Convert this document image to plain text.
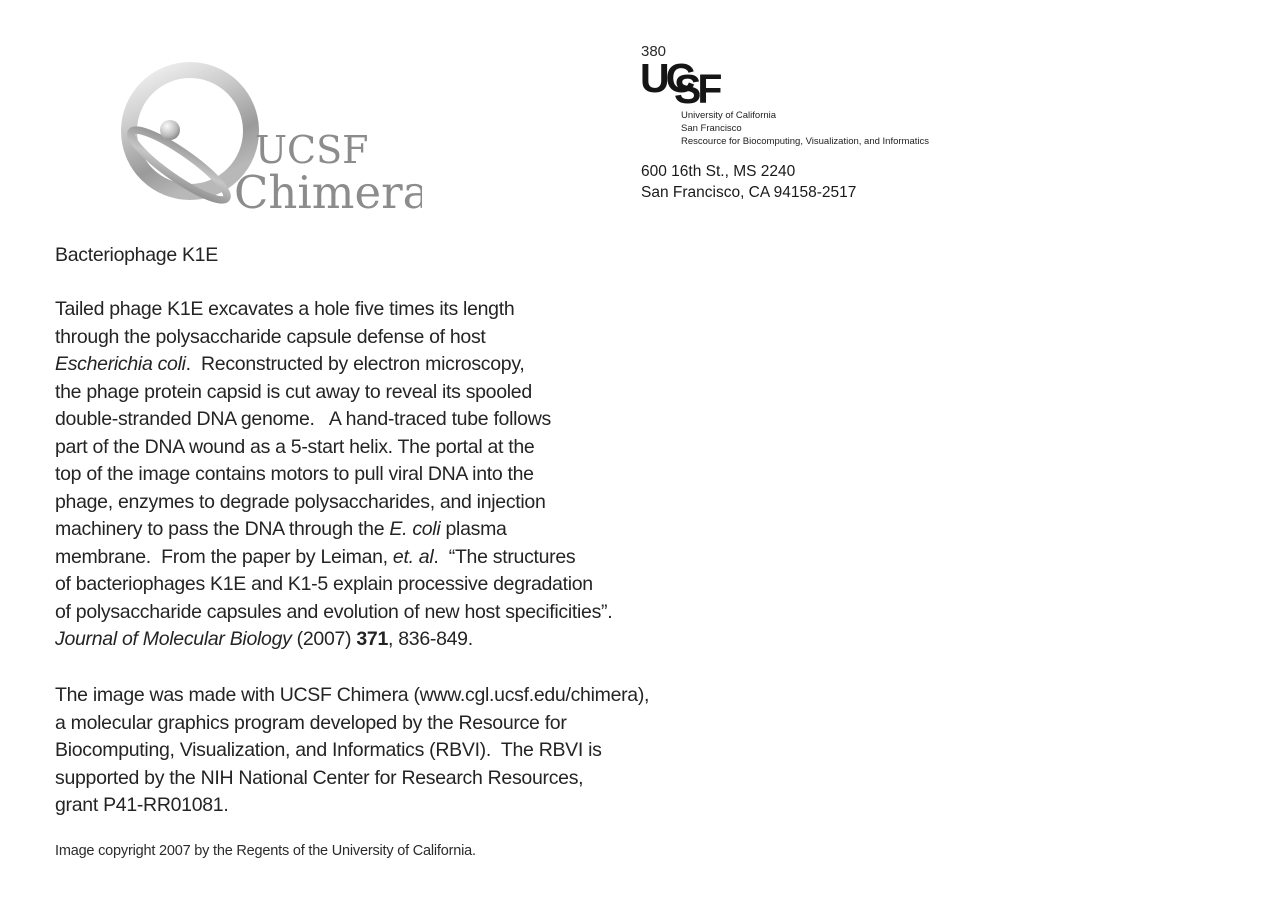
UCSF
Chimera
380
UC
SF
University of California
San Francisco
Rescource for Biocomputing, Visualization, and Informatics
600 16th St., MS 2240
San Francisco, CA 94158-2517
Bacteriophage K1E
Tailed phage K1E excavates a hole five times its length
through the polysaccharide capsule defense of host
Escherichia coli.  Reconstructed by electron microscopy,
the phage protein capsid is cut away to reveal its spooled
double-stranded DNA genome.   A hand-traced tube follows
part of the DNA wound as a 5-start helix. The portal at the
top of the image contains motors to pull viral DNA into the
phage, enzymes to degrade polysaccharides, and injection
machinery to pass the DNA through the E. coli plasma
membrane.  From the paper by Leiman, et. al.  “The structures
of bacteriophages K1E and K1-5 explain processive degradation
of polysaccharide capsules and evolution of new host specificities”.
Journal of Molecular Biology (2007) 371, 836-849.
The image was made with UCSF Chimera (www.cgl.ucsf.edu/chimera),
a molecular graphics program developed by the Resource for
Biocomputing, Visualization, and Informatics (RBVI).  The RBVI is
supported by the NIH National Center for Research Resources,
grant P41-RR01081.
Image copyright 2007 by the Regents of the University of California.
